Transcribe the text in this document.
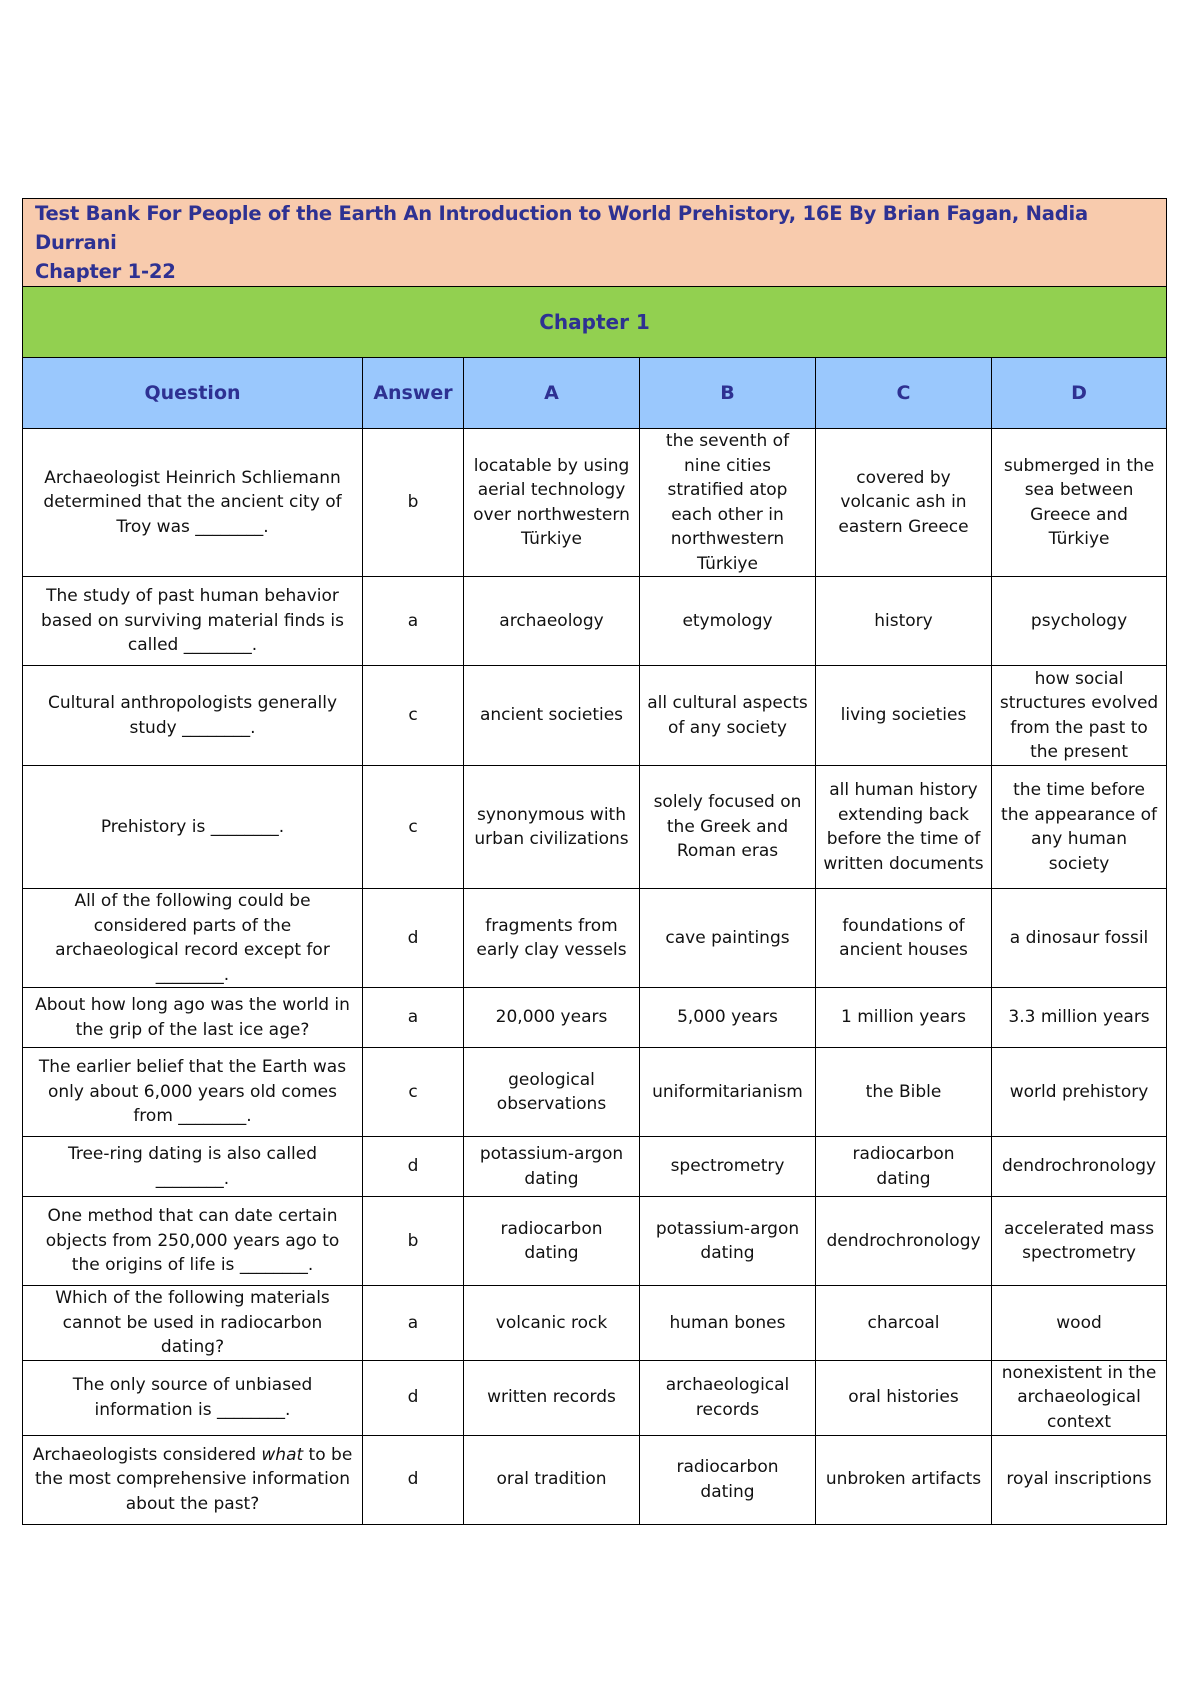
Test Bank For People of the Earth An Introduction to World Prehistory, 16E By Brian Fagan, Nadia Durrani
Chapter 1-22					

Chapter 1					
Question	Answer	A	B	C	D
Archaeologist Heinrich Schliemann determined that the ancient city of Troy was ________.	b	locatable by using aerial technology over northwestern Türkiye	the seventh of nine cities stratified atop each other in northwestern Türkiye	covered by volcanic ash in eastern Greece	submerged in the sea between Greece and Türkiye
The study of past human behavior based on surviving material finds is called ________.	a	archaeology	etymology	history	psychology
Cultural anthropologists generally study ________.	c	ancient societies	all cultural aspects of any society	living societies	how social structures evolved from the past to the present
Prehistory is ________.	c	synonymous with urban civilizations	solely focused on the Greek and Roman eras	all human history extending back before the time of written documents	the time before the appearance of any human society
All of the following could be considered parts of the archaeological record except for ________.	d	fragments from early clay vessels	cave paintings	foundations of ancient houses	a dinosaur fossil
About how long ago was the world in the grip of the last ice age?	a	20,000 years	5,000 years	1 million years	3.3 million years
The earlier belief that the Earth was only about 6,000 years old comes from ________.	c	geological observations	uniformitarianism	the Bible	world prehistory
Tree-ring dating is also called ________.	d	potassium-argon dating	spectrometry	radiocarbon dating	dendrochronology
One method that can date certain objects from 250,000 years ago to the origins of life is ________.	b	radiocarbon dating	potassium-argon dating	dendrochronology	accelerated mass spectrometry
Which of the following materials cannot be used in radiocarbon dating?	a	volcanic rock	human bones	charcoal	wood
The only source of unbiased information is ________.	d	written records	archaeological records	oral histories	nonexistent in the archaeological context
Archaeologists considered what to be the most comprehensive information about the past?	d	oral tradition	radiocarbon dating	unbroken artifacts	royal inscriptions
